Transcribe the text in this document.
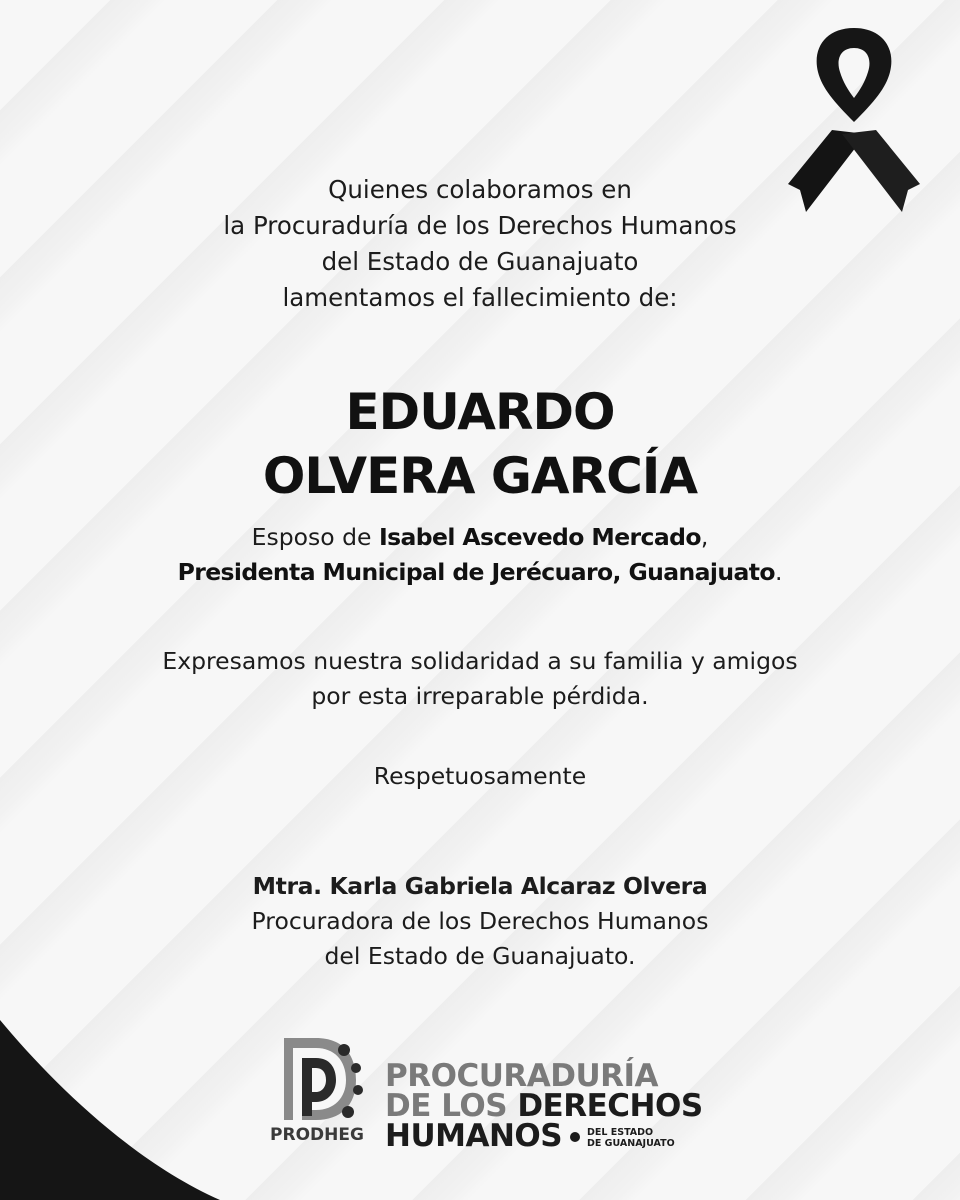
Quienes colaboramos en
la Procuraduría de los Derechos Humanos
del Estado de Guanajuato
lamentamos el fallecimiento de:
EDUARDO
OLVERA GARCÍA
Esposo de Isabel Ascevedo Mercado,
Presidenta Municipal de Jerécuaro, Guanajuato.
Expresamos nuestra solidaridad a su familia y amigos
por esta irreparable pérdida.
Respetuosamente
Mtra. Karla Gabriela Alcaraz Olvera
Procuradora de los Derechos Humanos
del Estado de Guanajuato.
PRODHEG
PROCURADURÍA
DE LOS DERECHOS
HUMANOS	DEL ESTADO
DE GUANAJUATO
